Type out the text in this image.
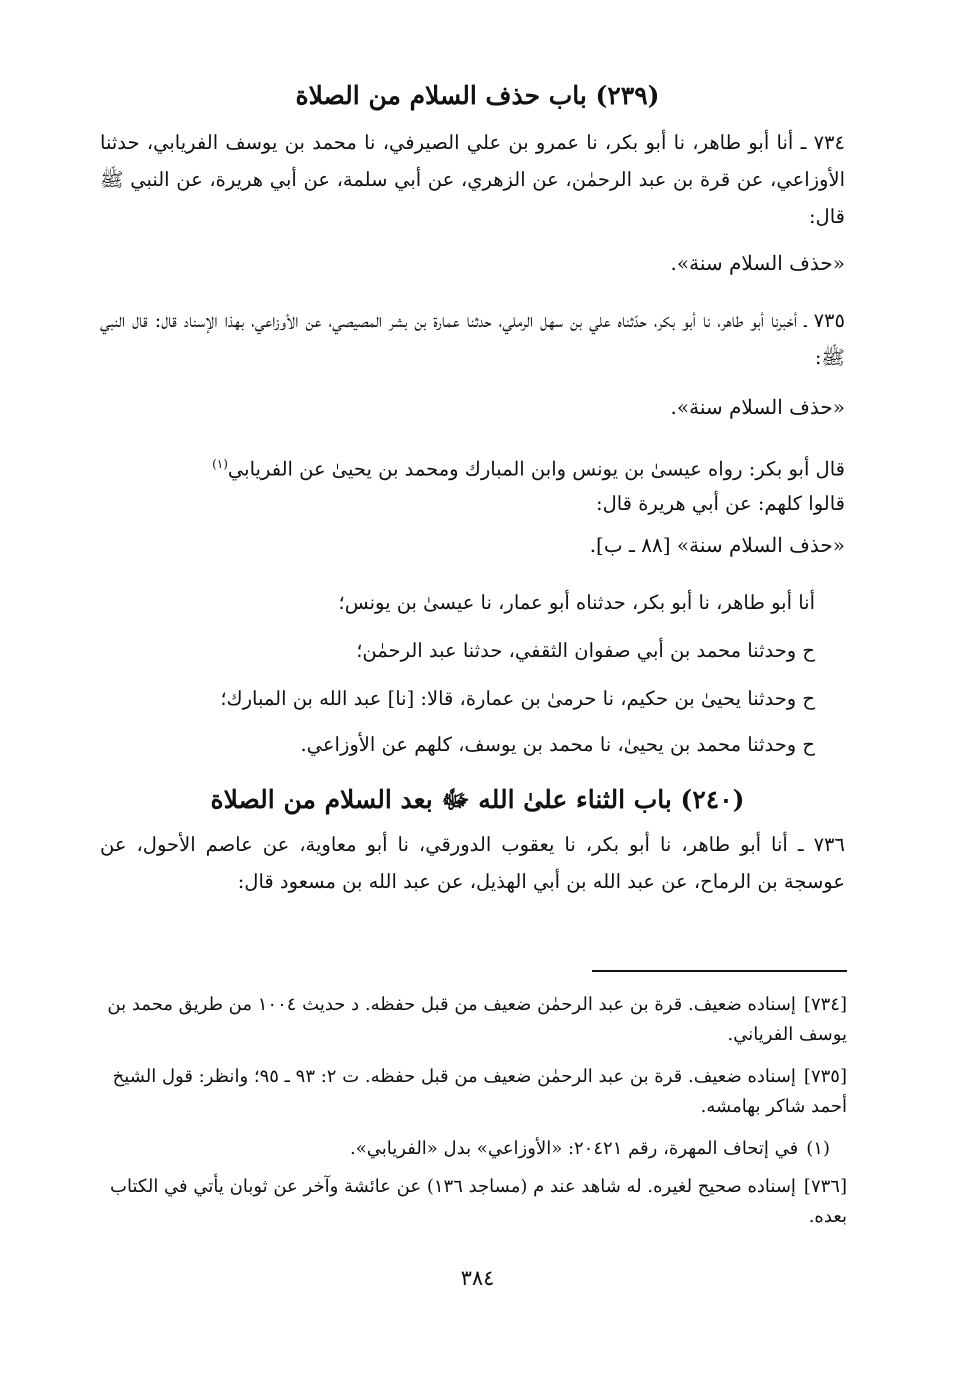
(٢٣٩) باب حذف السلام من الصلاة
٧٣٤ ـ أنا أبو طاهر، نا أبو بكر، نا عمرو بن علي الصيرفي، نا محمد بن يوسف الفريابي، حدثنا الأوزاعي، عن قرة بن عبد الرحمٰن، عن الزهري، عن أبي سلمة، عن أبي هريرة، عن النبي ﷺ قال:
«حذف السلام سنة».
٧٣٥ ـ أخبرنا أبو طاهر، نا أبو بكر، حدّثناه علي بن سهل الرملي، حدثنا عمارة بن بشر المصيصي، عن الأوزاعي، بهذا الإسناد قال: قال النبي ﷺ:
«حذف السلام سنة».
قال أبو بكر: رواه عيسىٰ بن يونس وابن المبارك ومحمد بن يحيىٰ عن الفريابي$^{(١)}$
قالوا كلهم: عن أبي هريرة قال:
«حذف السلام سنة» [٨٨ ـ ب].
أنا أبو طاهر، نا أبو بكر، حدثناه أبو عمار، نا عيسىٰ بن يونس؛
ح وحدثنا محمد بن أبي صفوان الثقفي، حدثنا عبد الرحمٰن؛
ح وحدثنا يحيىٰ بن حكيم، نا حرمىٰ بن عمارة، قالا: [نا] عبد الله بن المبارك؛
ح وحدثنا محمد بن يحيىٰ، نا محمد بن يوسف، كلهم عن الأوزاعي.
(٢٤٠) باب الثناء علىٰ الله ﷻ بعد السلام من الصلاة
٧٣٦ ـ أنا أبو طاهر، نا أبو بكر، نا يعقوب الدورقي، نا أبو معاوية، عن عاصم الأحول، عن عوسجة بن الرماح، عن عبد الله بن أبي الهذيل، عن عبد الله بن مسعود قال:
[٧٣٤]إسناده ضعيف. قرة بن عبد الرحمٰن ضعيف من قبل حفظه. د حديث ١٠٠٤ من طريق محمد بن يوسف الفرياني.
[٧٣٥]إسناده ضعيف. قرة بن عبد الرحمٰن ضعيف من قبل حفظه. ت ٢: ٩٣ ـ ٩٥؛ وانظر: قول الشيخ أحمد شاكر بهامشه.
(١)في إتحاف المهرة، رقم ٢٠٤٢١: «الأوزاعي» بدل «الفريابي».
[٧٣٦]إسناده صحيح لغيره. له شاهد عند م (مساجد ١٣٦) عن عائشة وآخر عن ثوبان يأتي في الكتاب بعده.
٣٨٤
